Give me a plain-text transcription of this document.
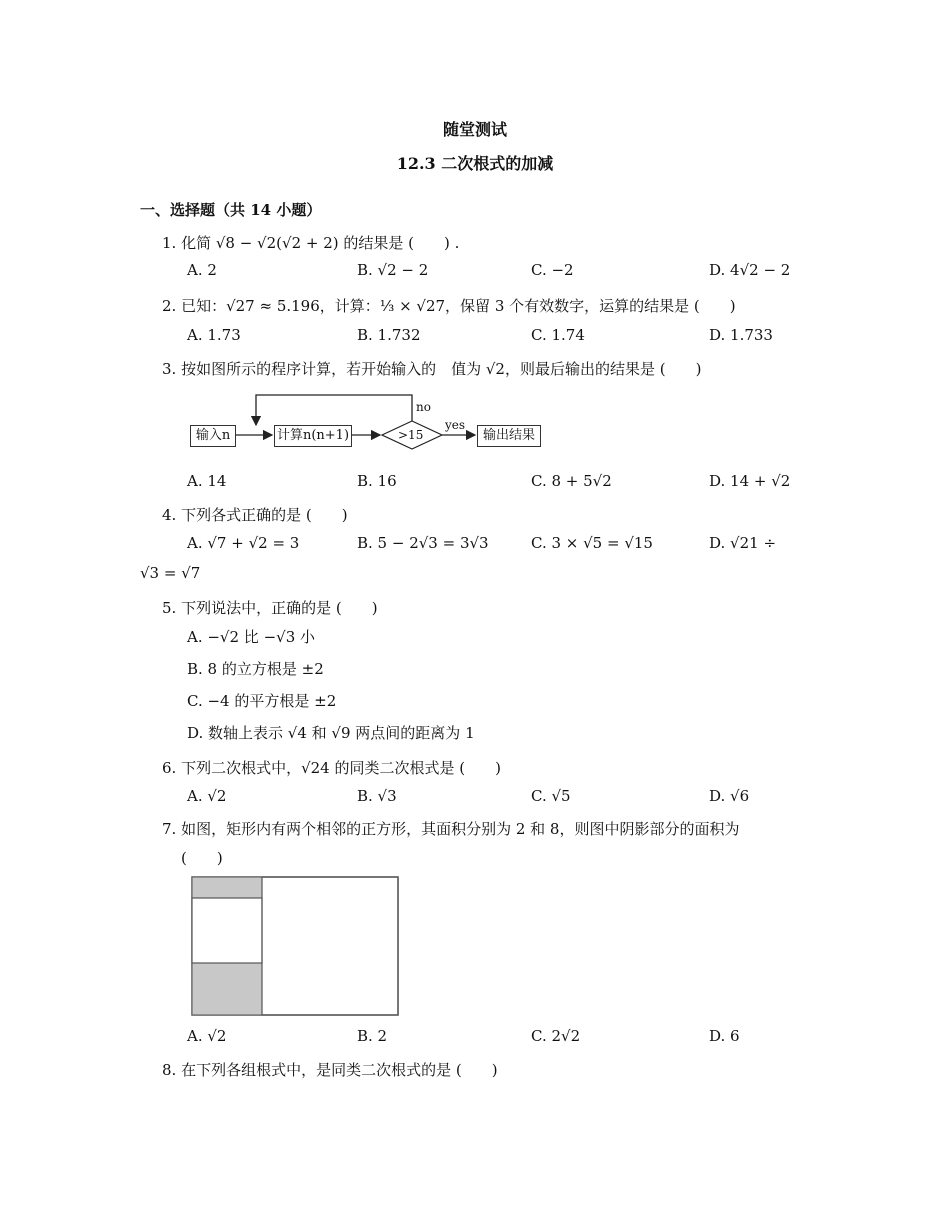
随堂测试
12.3 二次根式的加减
一、选择题（共 14 小题）
1. 化简 √8 − √2(√2 + 2) 的结果是 (　　) .
A. 2	B. √2 − 2	C. −2	D. 4√2 − 2
2. 已知：√27 ≈ 5.196，计算：⅓ × √27，保留 3 个有效数字，运算的结果是 (　　)
A. 1.73	B. 1.732	C. 1.74	D. 1.733
3. 按如图所示的程序计算，若开始输入的　值为 √2，则最后输出的结果是 (　　)
输入n	计算n(n+1)	>15
yes
no
输出结果
A. 14	B. 16	C. 8 + 5√2	D. 14 + √2
4. 下列各式正确的是 (　　)
A. √7 + √2 = 3	B. 5 − 2√3 = 3√3	C. 3 × √5 = √15	D. √21 ÷
√3 = √7
5. 下列说法中，正确的是 (　　)
A. −√2 比 −√3 小
B. 8 的立方根是 ±2
C. −4 的平方根是 ±2
D. 数轴上表示 √4 和 √9 两点间的距离为 1
6. 下列二次根式中，√24 的同类二次根式是 (　　)
A. √2	B. √3	C. √5	D. √6
7. 如图，矩形内有两个相邻的正方形，其面积分别为 2 和 8，则图中阴影部分的面积为
(　　)
A. √2	B. 2	C. 2√2	D. 6
8. 在下列各组根式中，是同类二次根式的是 (　　)
